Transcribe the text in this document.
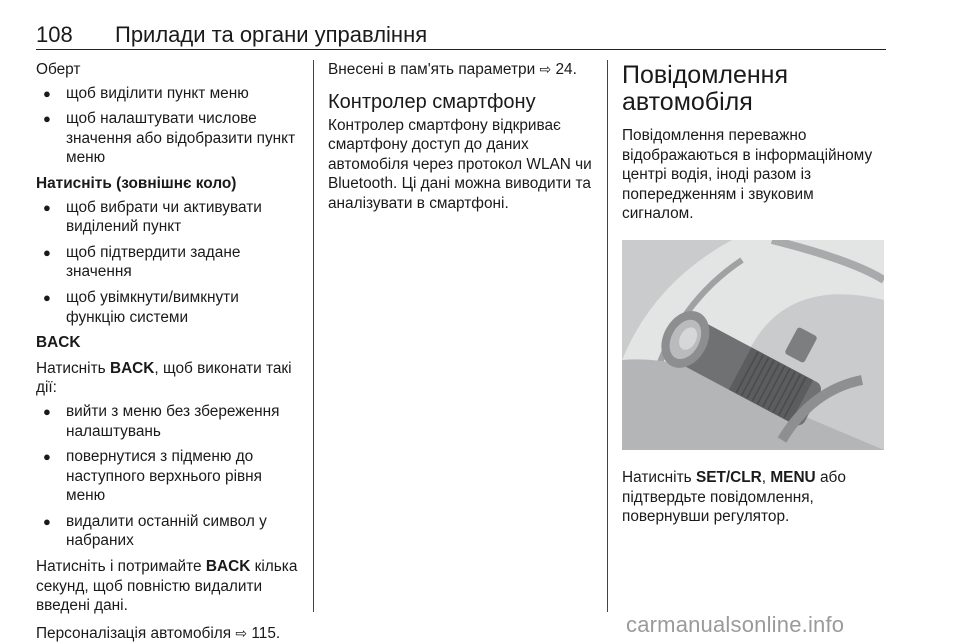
108 Прилади та органи управління

Оберт

● щоб виділити пункт меню
● щоб налаштувати числове значення або відобразити пункт меню

Натисніть (зовнішнє коло)

● щоб вибрати чи активувати виділений пункт
● щоб підтвердити задане значення
● щоб увімкнути/вимкнути функцію системи

BACK

Натисніть BACK, щоб виконати такі дії:

● вийти з меню без збереження налаштувань
● повернутися з підменю до наступного верхнього рівня меню
● видалити останній символ у набраних

Натисніть і потримайте BACK кілька секунд, щоб повністю видалити введені дані.

Персоналізація автомобіля ⇨ 115.

Внесені в пам'ять параметри ⇨ 24.

Контролер смартфону

Контролер смартфону відкриває смартфону доступ до даних автомобіля через протокол WLAN чи Bluetooth. Ці дані можна виводити та аналізувати в смартфоні.

Повідомлення автомобіля

Повідомлення переважно відображаються в інформаційному центрі водія, іноді разом із попередженням і звуковим сигналом.

Натисніть SET/CLR, MENU або підтвердьте повідомлення, повернувши регулятор.

carmanualsonline.info
